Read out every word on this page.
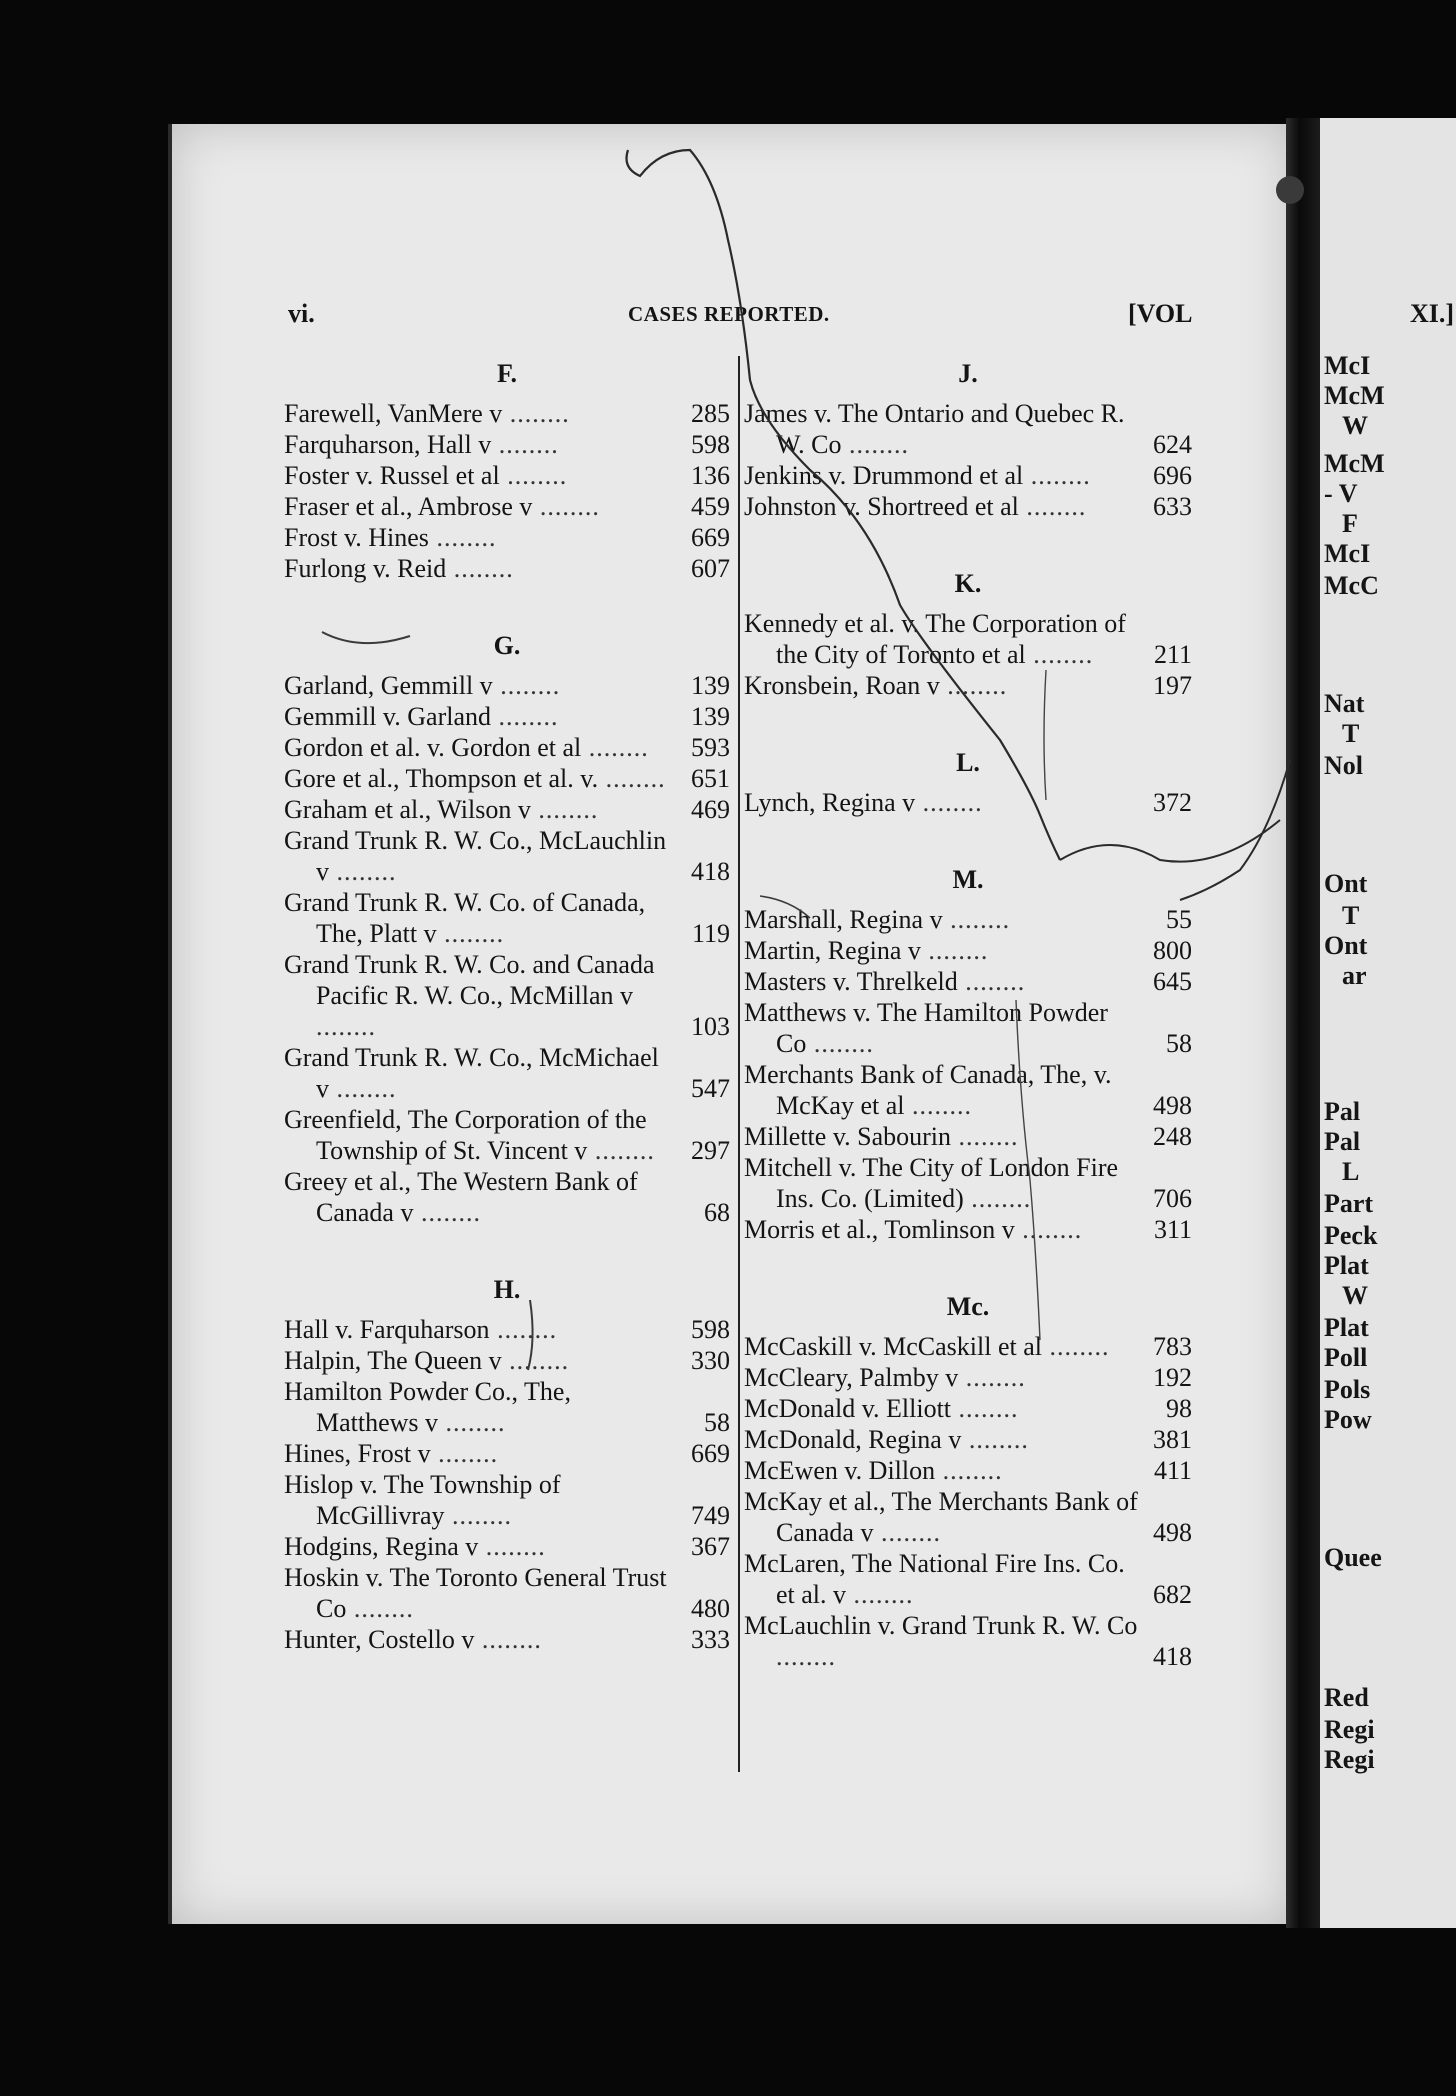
McI
McM
W
McM
- V
F
McI
McC
Nat
T
Nol
Ont
T
Ont
ar
Pal
Pal
L
Part
Peck
Plat
W
Plat
Poll
Pols
Pow
Quee
Red
Regi
Regi
vi.	CASES REPORTED.	[VOL	XI.]
F.
Farewell, VanMere v ........	285
Farquharson, Hall v ........	598
Foster v. Russel et al ........	136
Fraser et al., Ambrose v ........	459
Frost v. Hines ........	669
Furlong v. Reid ........	607
G.
Garland, Gemmill v ........	139
Gemmill v. Garland ........	139
Gordon et al. v. Gordon et al ........	593
Gore et al., Thompson et al. v. ........ 651
Graham et al., Wilson v ........	469
Grand Trunk R. W. Co., McLauchlin v ........	418
Grand Trunk R. W. Co. of Canada, The, Platt v ........	119
Grand Trunk R. W. Co. and Canada Pacific R. W. Co., McMillan v ........	103
Grand Trunk R. W. Co., McMichael v ........	547
Greenfield, The Corporation of the Township of St. Vincent v ........	297
Greey et al., The Western Bank of Canada v ........	68
H.
Hall v. Farquharson ........	598
Halpin, The Queen v ........	330
Hamilton Powder Co., The, Matthews v ........	58
Hines, Frost v ........	669
Hislop v. The Township of McGillivray ........	749
Hodgins, Regina v ........	367
Hoskin v. The Toronto General Trust Co ........	480
Hunter, Costello v ........	333
J.
James v. The Ontario and Quebec R. W. Co ........	624
Jenkins v. Drummond et al ........	696
Johnston v. Shortreed et al ........	633
K.
Kennedy et al. v. The Corporation of the City of Toronto et al ........	211
Kronsbein, Roan v ........	197
L.
Lynch, Regina v ........	372
M.
Marshall, Regina v ........	55
Martin, Regina v ........	800
Masters v. Threlkeld ........	645
Matthews v. The Hamilton Powder Co ........	58
Merchants Bank of Canada, The, v. McKay et al ........	498
Millette v. Sabourin ........	248
Mitchell v. The City of London Fire Ins. Co. (Limited) ........	706
Morris et al., Tomlinson v ........	311
Mc.
McCaskill v. McCaskill et al ........	783
McCleary, Palmby v ........	192
McDonald v. Elliott ........	98
McDonald, Regina v ........	381
McEwen v. Dillon ........	411
McKay et al., The Merchants Bank of Canada v ........	498
McLaren, The National Fire Ins. Co. et al. v ........	682
McLauchlin v. Grand Trunk R. W. Co ........	418
